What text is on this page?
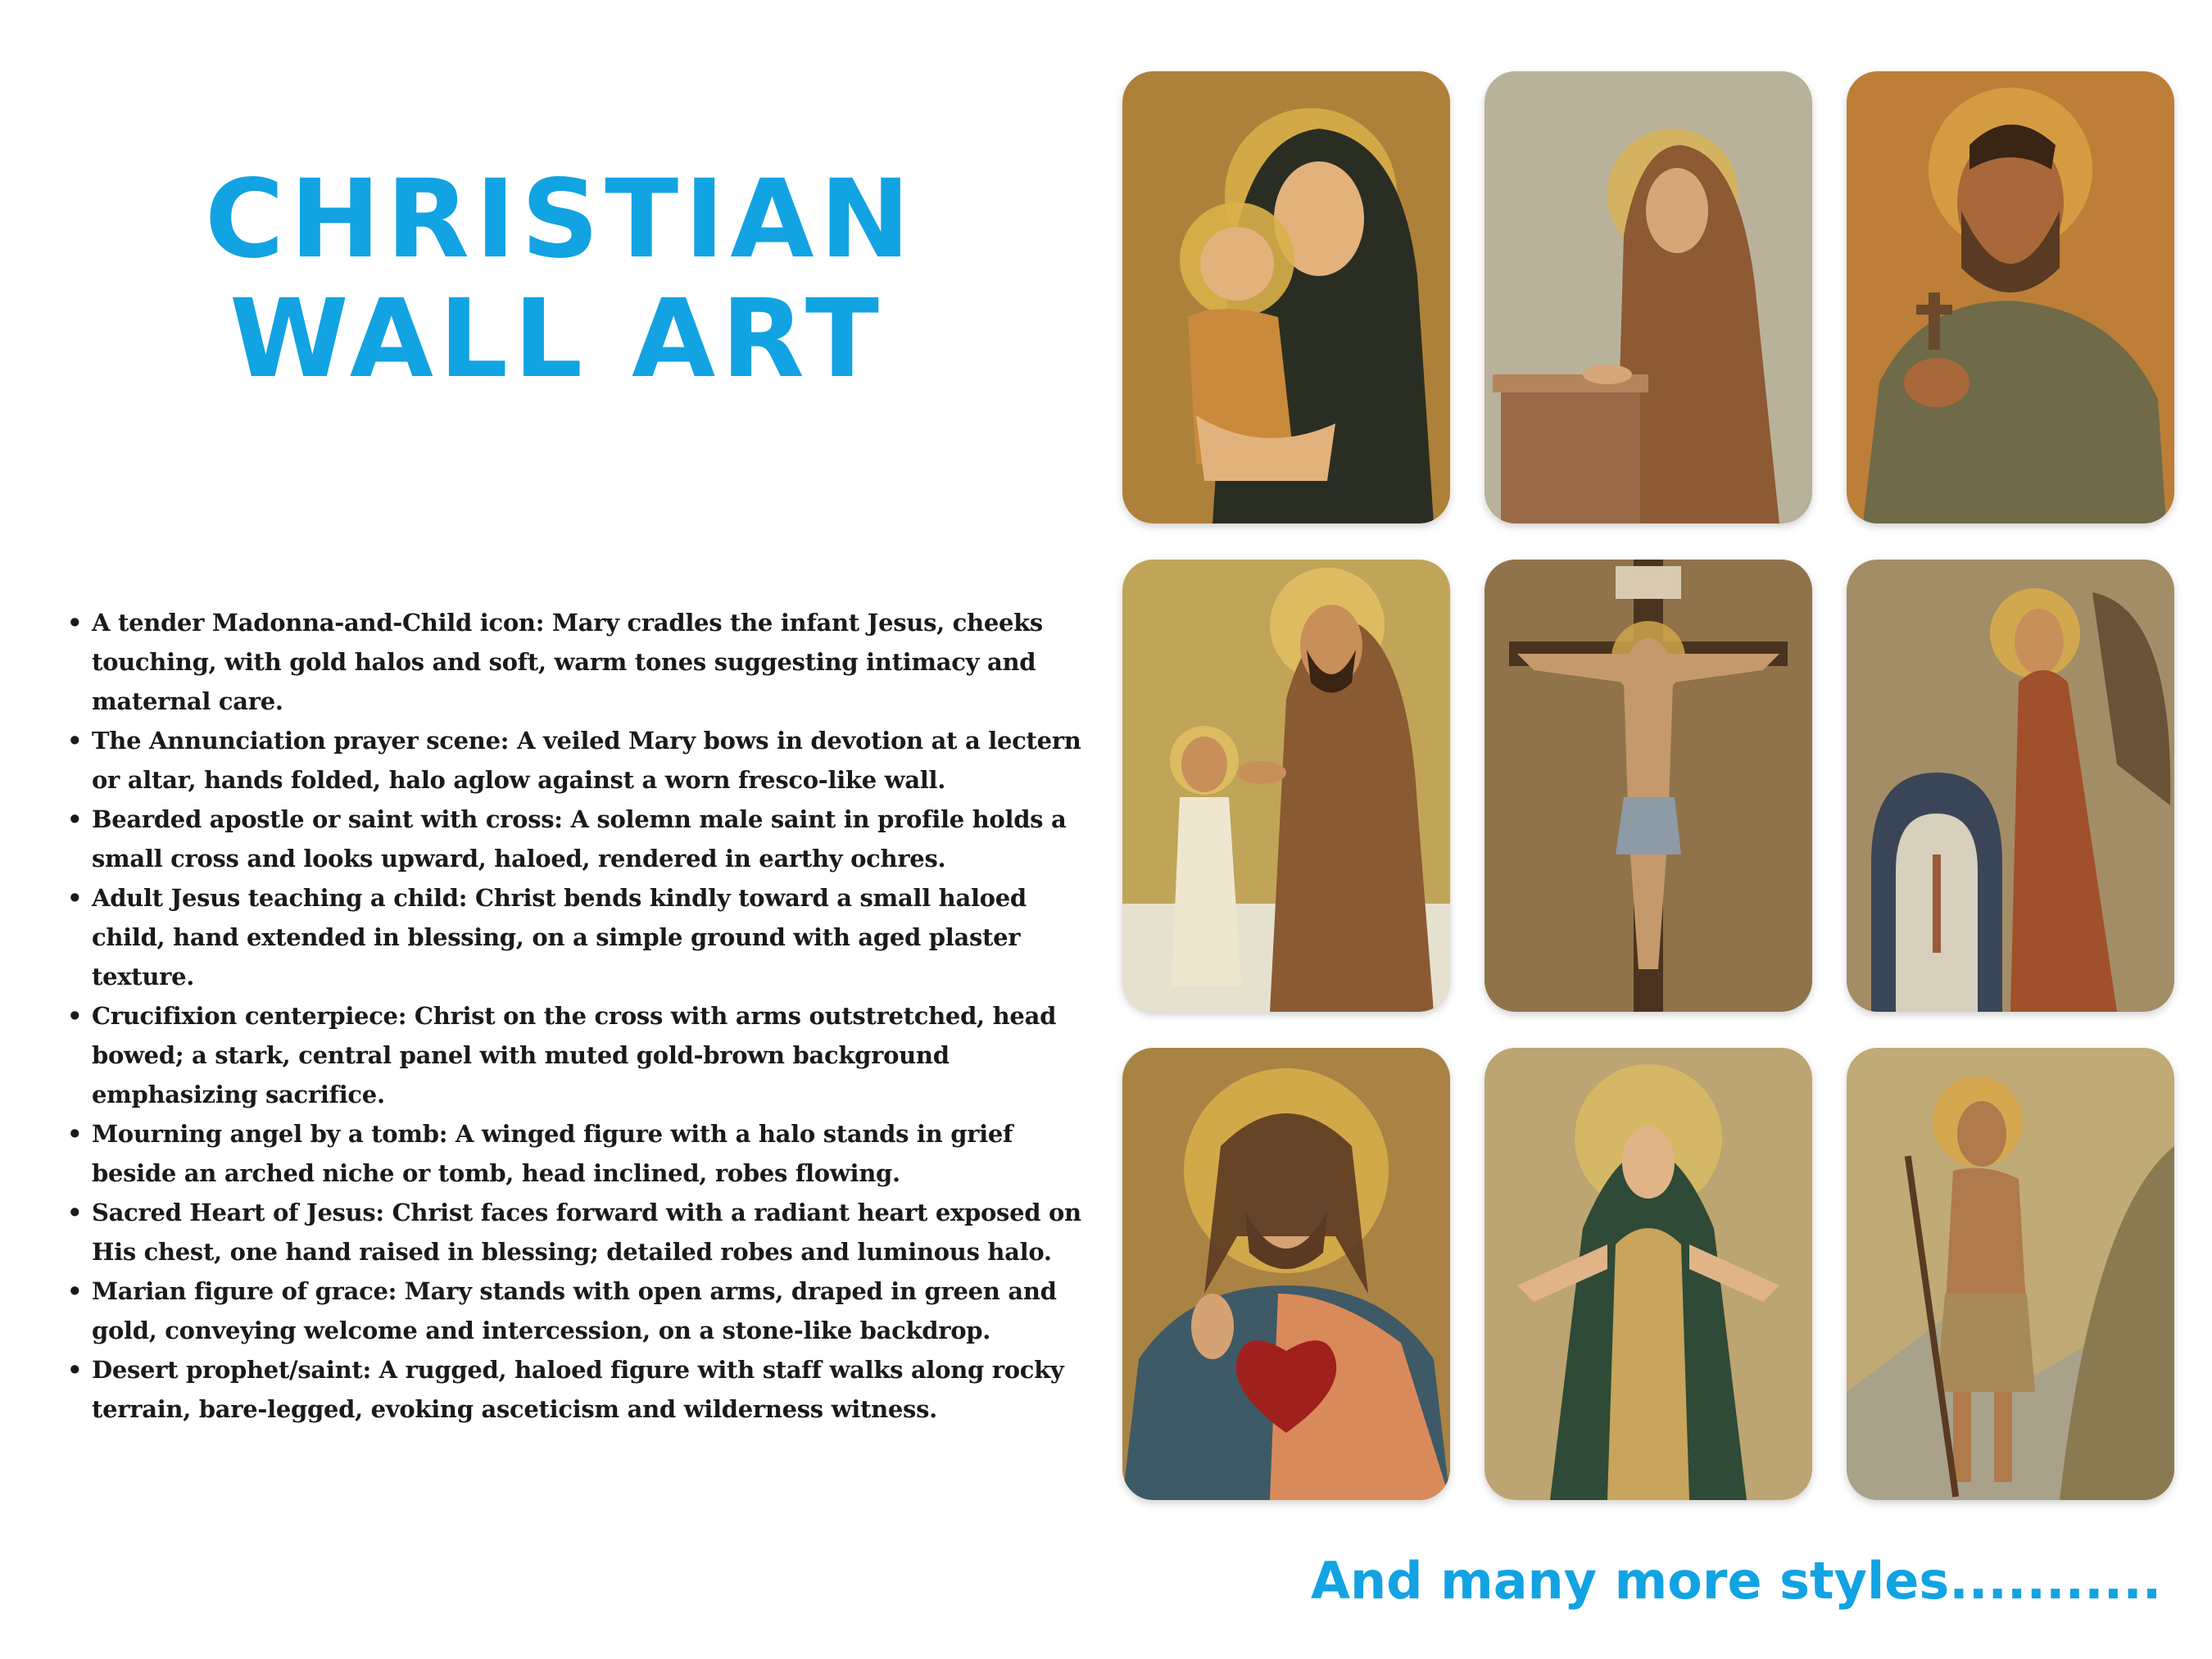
CHRISTIAN
WALL ART
• A tender Madonna-and-Child icon: Mary cradles the infant Jesus, cheeks touching, with gold halos and soft, warm tones suggesting intimacy and maternal care.
• The Annunciation prayer scene: A veiled Mary bows in devotion at a lectern or altar, hands folded, halo aglow against a worn fresco-like wall.
• Bearded apostle or saint with cross: A solemn male saint in profile holds a small cross and looks upward, haloed, rendered in earthy ochres.
• Adult Jesus teaching a child: Christ bends kindly toward a small haloed child, hand extended in blessing, on a simple ground with aged plaster texture.
• Crucifixion centerpiece: Christ on the cross with arms outstretched, head bowed; a stark, central panel with muted gold-brown background emphasizing sacrifice.
• Mourning angel by a tomb: A winged figure with a halo stands in grief beside an arched niche or tomb, head inclined, robes flowing.
• Sacred Heart of Jesus: Christ faces forward with a radiant heart exposed on His chest, one hand raised in blessing; detailed robes and luminous halo.
• Marian figure of grace: Mary stands with open arms, draped in green and gold, conveying welcome and intercession, on a stone-like backdrop.
• Desert prophet/saint: A rugged, haloed figure with staff walks along rocky terrain, bare-legged, evoking asceticism and wilderness witness.
And many more styles...........
